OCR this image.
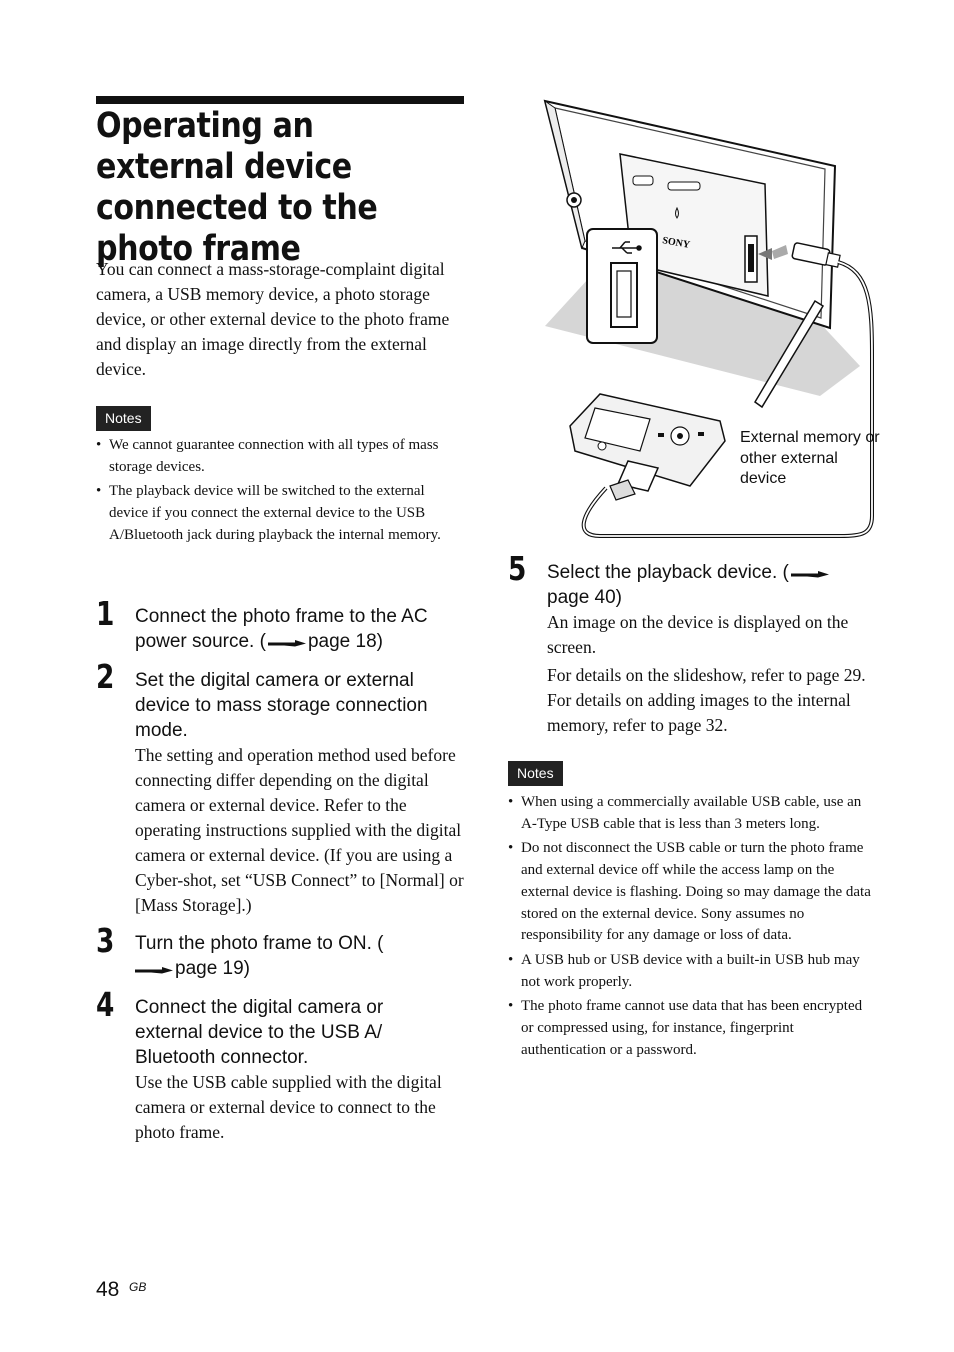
Operating an external device connected to the photo frame

You can connect a mass-storage-complaint digital camera, a USB memory device, a photo storage device, or other external device to the photo frame and display an image directly from the external device.

Notes
• We cannot guarantee connection with all types of mass storage devices.
• The playback device will be switched to the external device if you connect the external device to the USB A/Bluetooth jack during playback the internal memory.
1 Connect the photo frame to the AC power source. ( page 18)

2 Set the digital camera or external device to mass storage connection mode.

The setting and operation method used before connecting differ depending on the digital camera or external device. Refer to the operating instructions supplied with the digital camera or external device. (If you are using a Cyber-shot, set “USB Connect” to [Normal] or [Mass Storage].)

3 Turn the photo frame to ON. (
page 19)

4 Connect the digital camera or external device to the USB A/ Bluetooth connector.

Use the USB cable supplied with the digital camera or external device to connect to the photo frame.

SONY

External memory or other external device

5 Select the playback device. (page 40)

An image on the device is displayed on the screen.

For details on the slideshow, refer to page 29. For details on adding images to the internal memory, refer to page 32.

Notes
• When using a commercially available USB cable, use an A-Type USB cable that is less than 3 meters long.
• Do not disconnect the USB cable or turn the photo frame and external device off while the access lamp on the external device is flashing. Doing so may damage the data stored on the external device. Sony assumes no responsibility for any damage or loss of data.
• A USB hub or USB device with a built-in USB hub may not work properly.
• The photo frame cannot use data that has been encrypted or compressed using, for instance, fingerprint authentication or a password.
48 GB
